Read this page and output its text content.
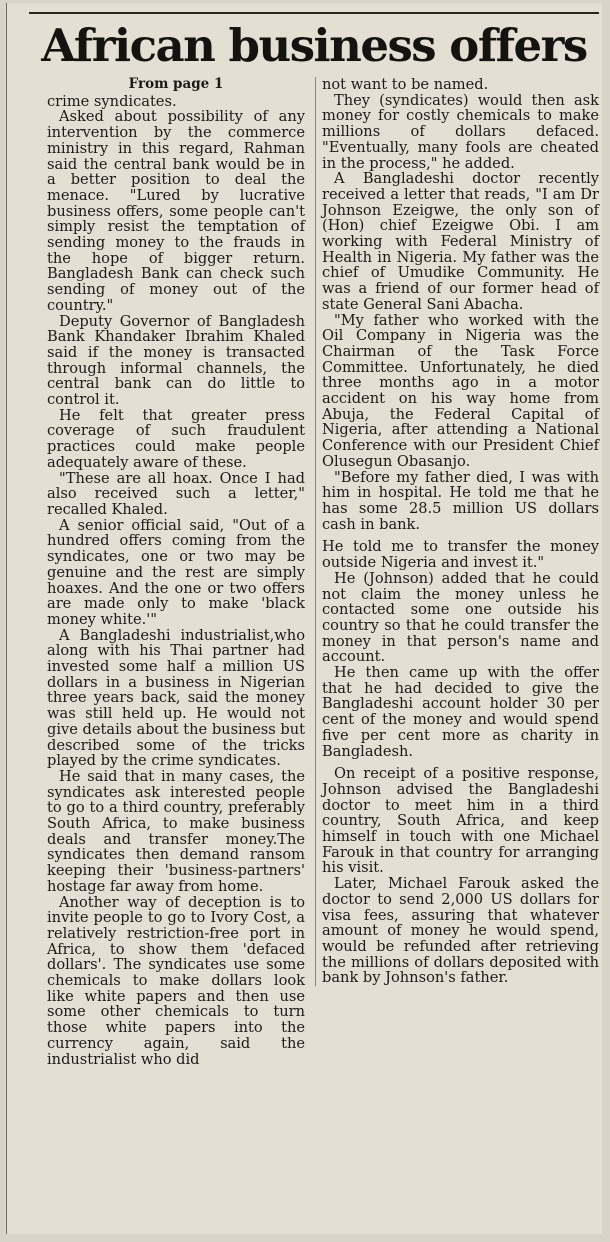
African business offers
From page 1

crime syndicates.

Asked about possibility of any intervention by the commerce ministry in this regard, Rahman said the central bank would be in a better position to deal the menace. "Lured by lucrative business offers, some people can't simply resist the temptation of sending money to the frauds in the hope of bigger return. Bangladesh Bank can check such sending of money out of the country."

Deputy Governor of Bangladesh Bank Khandaker Ibrahim Khaled said if the money is transacted through informal channels, the central bank can do little to control it.

He felt that greater press coverage of such fraudulent practices could make people adequately aware of these.

"These are all hoax. Once I had also received such a letter," recalled Khaled.

A senior official said, "Out of a hundred offers coming from the syndicates, one or two may be genuine and the rest are simply hoaxes. And the one or two offers are made only to make 'black money white.'"

A Bangladeshi industrialist,who along with his Thai partner had invested some half a million US dollars in a business in Nigerian three years back, said the money was still held up. He would not give details about the business but described some of the tricks played by the crime syndicates.

He said that in many cases, the syndicates ask interested people to go to a third country, preferably South Africa, to make business deals and transfer money.The syndicates then demand ransom keeping their 'business-partners' hostage far away from home.

Another way of deception is to invite people to go to Ivory Cost, a relatively restriction-free port in Africa, to show them 'defaced dollars'. The syndicates use some chemicals to make dollars look like white papers and then use some other chemicals to turn those white papers into the currency again, said the industrialist who did

not want to be named.

They (syndicates) would then ask money for costly chemicals to make millions of dollars defaced. "Eventually, many fools are cheated in the process," he added.

A Bangladeshi doctor recently received a letter that reads, "I am Dr Johnson Ezeigwe, the only son of (Hon) chief Ezeigwe Obi. I am working with Federal Ministry of Health in Nigeria. My father was the chief of Umudike Community. He was a friend of our former head of state General Sani Abacha.

"My father who worked with the Oil Company in Nigeria was the Chairman of the Task Force Committee. Unfortunately, he died three months ago in a motor accident on his way home from Abuja, the Federal Capital of Nigeria, after attending a National Conference with our President Chief Olusegun Obasanjo.

"Before my father died, I was with him in hospital. He told me that he has some 28.5 million US dollars cash in bank.

He told me to transfer the money outside Nigeria and invest it."

He (Johnson) added that he could not claim the money unless he contacted some one outside his country so that he could transfer the money in that person's name and account.

He then came up with the offer that he had decided to give the Bangladeshi account holder 30 per cent of the money and would spend five per cent more as charity in Bangladesh.

On receipt of a positive response, Johnson advised the Bangladeshi doctor to meet him in a third country, South Africa, and keep himself in touch with one Michael Farouk in that country for arranging his visit.

Later, Michael Farouk asked the doctor to send 2,000 US dollars for visa fees, assuring that whatever amount of money he would spend, would be refunded after retrieving the millions of dollars deposited with bank by Johnson's father.
